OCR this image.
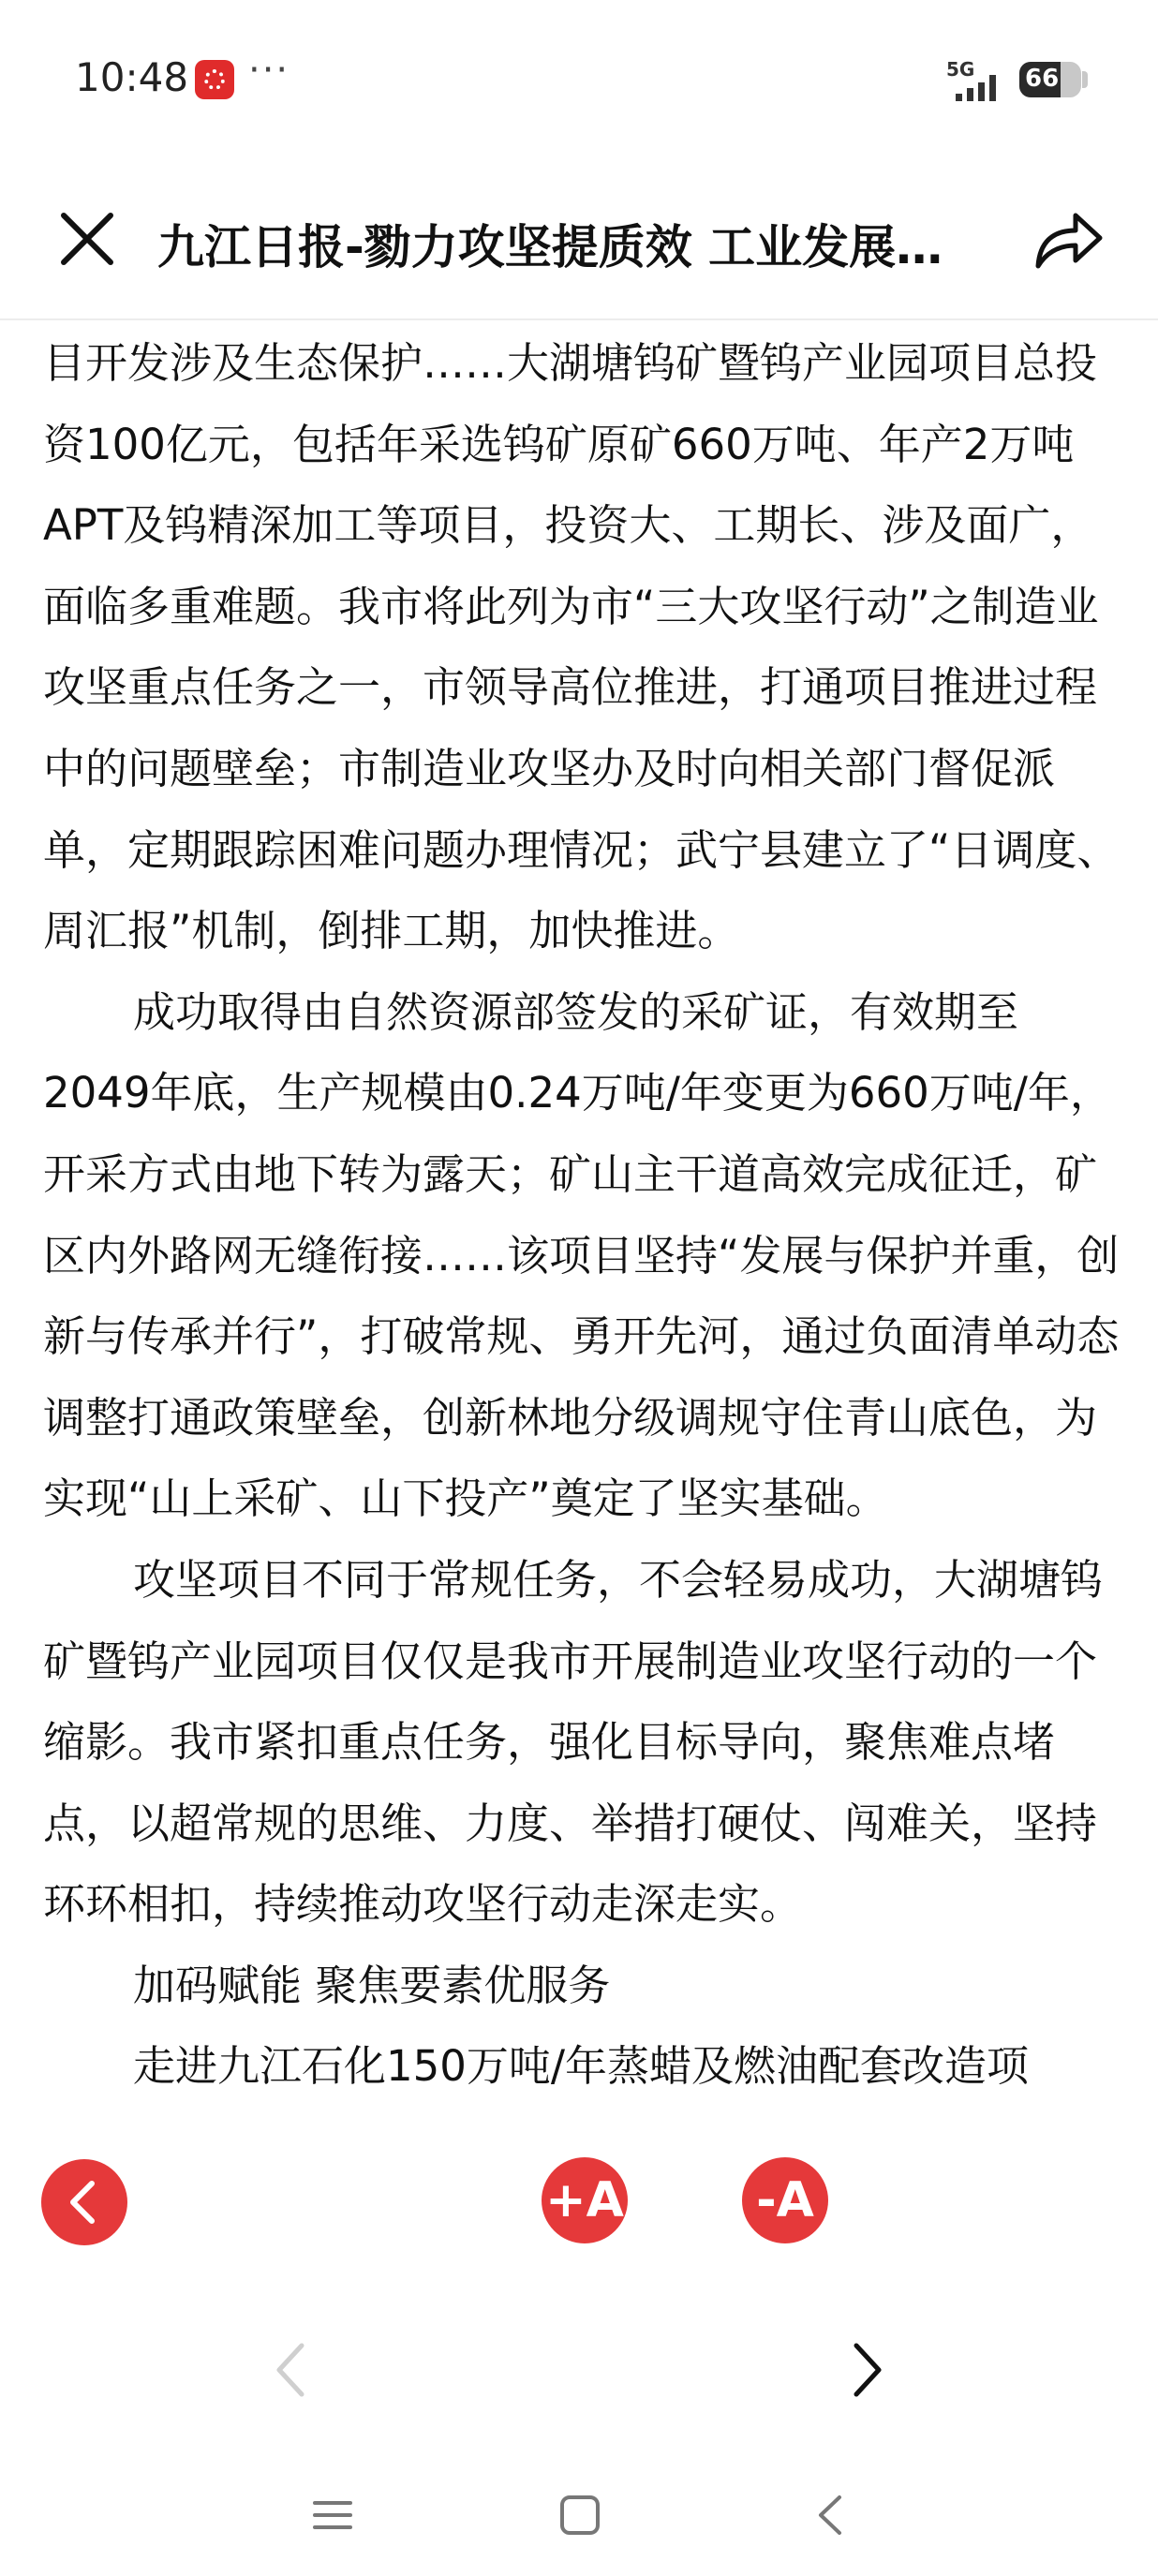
10:48 ···	5G 66
九江日报-勠力攻坚提质效 工业发展…

目开发涉及生态保护……大湖塘钨矿暨钨产业园项目总投资100亿元，包括年采选钨矿原矿660万吨、年产2万吨APT及钨精深加工等项目，投资大、工期长、涉及面广，面临多重难题。我市将此列为市“三大攻坚行动”之制造业攻坚重点任务之一，市领导高位推进，打通项目推进过程中的问题壁垒；市制造业攻坚办及时向相关部门督促派单，定期跟踪困难问题办理情况；武宁县建立了“日调度、周汇报”机制，倒排工期，加快推进。

成功取得由自然资源部签发的采矿证，有效期至2049年底，生产规模由0.24万吨/年变更为660万吨/年，开采方式由地下转为露天；矿山主干道高效完成征迁，矿区内外路网无缝衔接……该项目坚持“发展与保护并重，创新与传承并行”，打破常规、勇开先河，通过负面清单动态调整打通政策壁垒，创新林地分级调规守住青山底色，为实现“山上采矿、山下投产”奠定了坚实基础。

攻坚项目不同于常规任务，不会轻易成功，大湖塘钨矿暨钨产业园项目仅仅是我市开展制造业攻坚行动的一个缩影。我市紧扣重点任务，强化目标导向，聚焦难点堵点，以超常规的思维、力度、举措打硬仗、闯难关，坚持环环相扣，持续推动攻坚行动走深走实。

加码赋能 聚焦要素优服务

走进九江石化150万吨/年蒸蜡及燃油配套改造项

+A	-A
